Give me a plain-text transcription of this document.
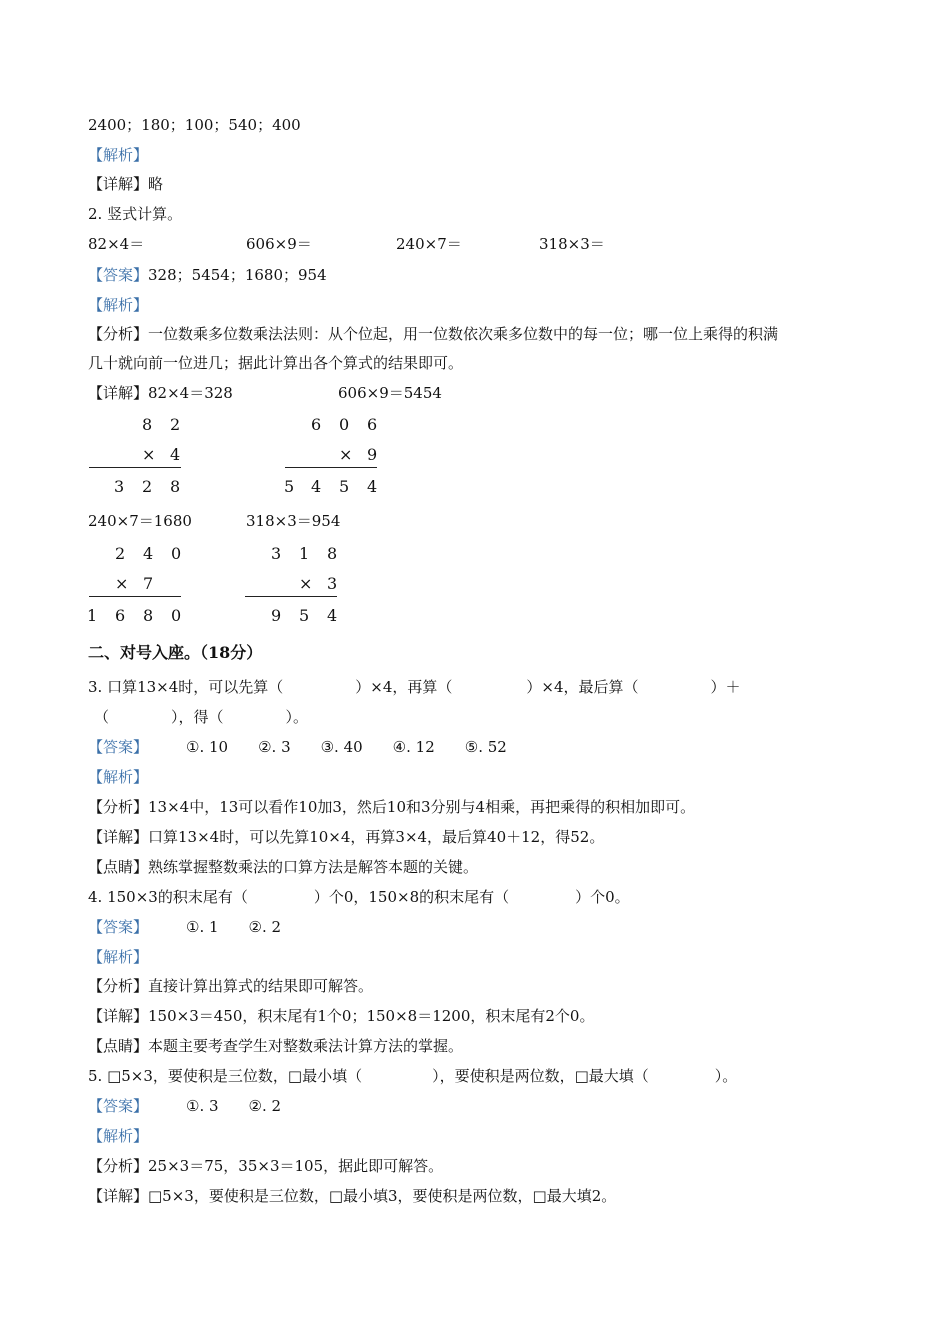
2400；180；100；540；400
【解析】
【详解】略
2. 竖式计算。
82×4＝	606×9＝	240×7＝	318×3＝
【答案】328；5454；1680；954
【解析】
【分析】一位数乘多位数乘法法则：从个位起，用一位数依次乘多位数中的每一位；哪一位上乘得的积满
几十就向前一位进几；据此计算出各个算式的结果即可。
【详解】82×4＝328	606×9＝5454
8 2
× 4
3 2 8
6 0 6
× 9
5 4 5 4
240×7＝1680	318×3＝954
2 4 0
× 7
1 6 8 0
3 1 8
× 3
9 5 4
二、对号入座。（18分）
3. 口算13×4时，可以先算（	）×4，再算（	）×4，最后算（	）＋
（	），得（	）。
【答案】	①. 10　　②. 3　　③. 40　　④. 12　　⑤. 52
【解析】
【分析】13×4中，13可以看作10加3，然后10和3分别与4相乘，再把乘得的积相加即可。
【详解】口算13×4时，可以先算10×4，再算3×4，最后算40＋12，得52。
【点睛】熟练掌握整数乘法的口算方法是解答本题的关键。
4. 150×3的积末尾有（	）个0，150×8的积末尾有（	）个0。
【答案】	①. 1　　②. 2
【解析】
【分析】直接计算出算式的结果即可解答。
【详解】150×3＝450，积末尾有1个0；150×8＝1200，积末尾有2个0。
【点睛】本题主要考查学生对整数乘法计算方法的掌握。
5. □5×3，要使积是三位数，□最小填（	），要使积是两位数，□最大填（	）。
【答案】	①. 3　　②. 2
【解析】
【分析】25×3＝75，35×3＝105，据此即可解答。
【详解】□5×3，要使积是三位数，□最小填3，要使积是两位数，□最大填2。
